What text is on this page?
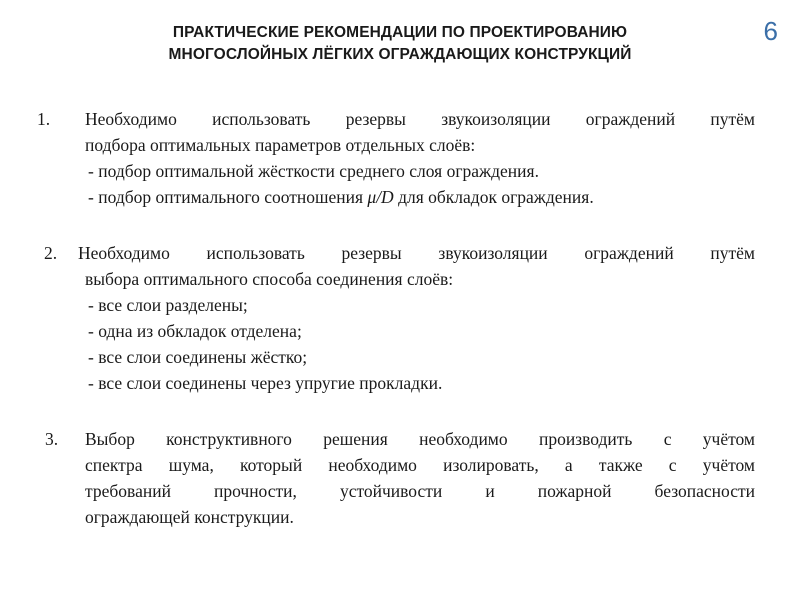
6
ПРАКТИЧЕСКИЕ РЕКОМЕНДАЦИИ ПО ПРОЕКТИРОВАНИЮ
МНОГОСЛОЙНЫХ ЛЁГКИХ ОГРАЖДАЮЩИХ КОНСТРУКЦИЙ
1. Необходимо использовать резервы звукоизоляции ограждений путём
подбора оптимальных параметров отдельных слоёв:
- подбор оптимальной жёсткости среднего слоя ограждения.
- подбор оптимального соотношения μ/D для обкладок ограждения.
2. Необходимо использовать резервы звукоизоляции ограждений путём
выбора оптимального способа соединения слоёв:
- все слои разделены;
- одна из обкладок отделена;
- все слои соединены жёстко;
- все слои соединены через упругие прокладки.
3. Выбор конструктивного решения необходимо производить с учётом
спектра шума, который необходимо изолировать, а также с учётом
требований прочности, устойчивости и пожарной безопасности
ограждающей конструкции.
